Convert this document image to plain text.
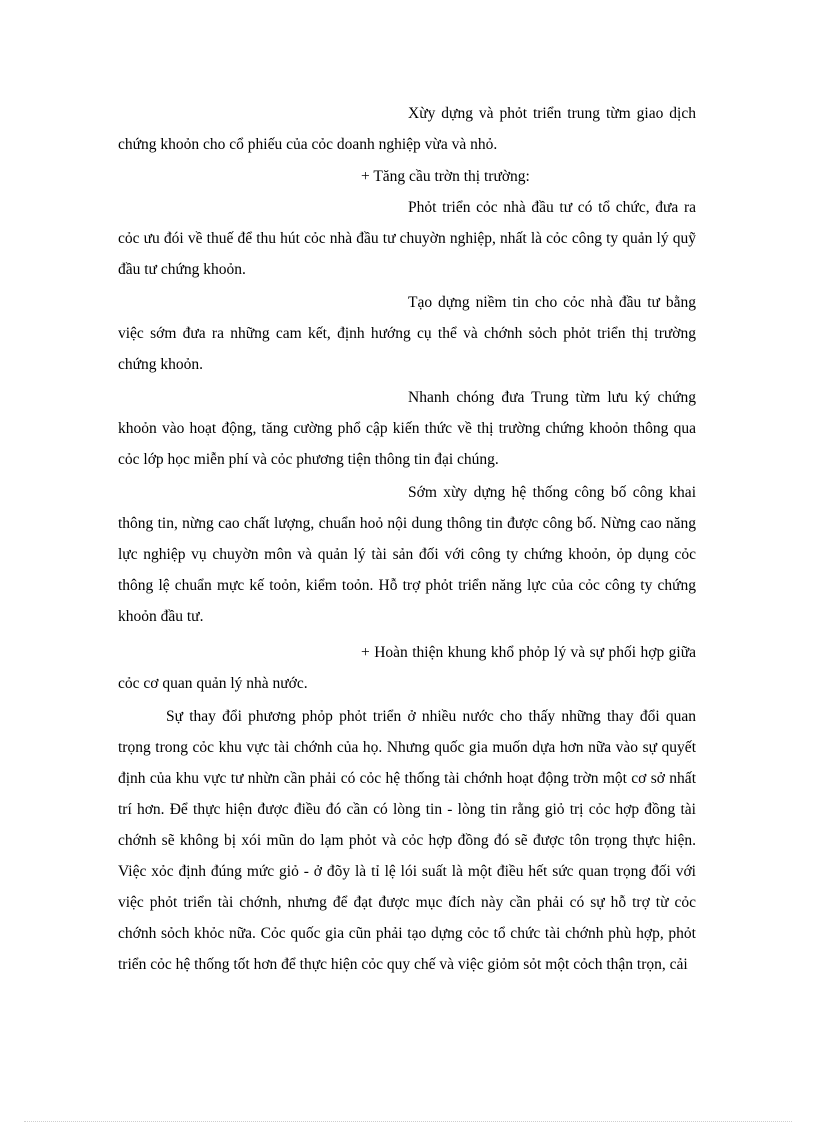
Xừy dựng và phỏt triển trung từm giao dịch chứng khoỏn cho cổ phiếu của cỏc doanh nghiệp vừa và nhỏ.

+ Tăng cầu trờn thị trường:

Phỏt triển cỏc nhà đầu tư có tổ chức, đưa ra cỏc ưu đói về thuế để thu hút cỏc nhà đầu tư chuyờn nghiệp, nhất là cỏc công ty quản lý quỹ đầu tư chứng khoỏn.

Tạo dựng niềm tin cho cỏc nhà đầu tư bằng việc sớm đưa ra những cam kết, định hướng cụ thể và chớnh sỏch phỏt triển thị trường chứng khoỏn.

Nhanh chóng đưa Trung từm lưu ký chứng khoỏn vào hoạt động, tăng cường phổ cập kiến thức về thị trường chứng khoỏn thông qua cỏc lớp học miễn phí và cỏc phương tiện thông tin đại chúng.

Sớm xừy dựng hệ thống công bố công khai thông tin, nừng cao chất lượng, chuẩn hoỏ nội dung thông tin được công bố. Nừng cao năng lực nghiệp vụ chuyờn môn và quản lý tài sản đối với công ty chứng khoỏn, ỏp dụng cỏc thông lệ chuẩn mực kế toỏn, kiểm toỏn. Hỗ trợ phỏt triển năng lực của cỏc công ty chứng khoỏn đầu tư.

+ Hoàn thiện khung khổ phỏp lý và sự phối hợp giữa cỏc cơ quan quản lý nhà nước.

Sự thay đổi phương phỏp phỏt triển ở nhiều nước cho thấy những thay đổi quan trọng trong cỏc khu vực tài chớnh của họ. Nhưng quốc gia muốn dựa hơn nữa vào sự quyết định của khu vực tư nhừn cần phải có cỏc hệ thống tài chớnh hoạt động trờn một cơ sở nhất trí hơn. Để thực hiện được điều đó cần có lòng tin - lòng tin rằng giỏ trị cỏc hợp đồng tài chớnh sẽ không bị xói mũn do lạm phỏt và cỏc hợp đồng đó sẽ được tôn trọng thực hiện. Việc xỏc định đúng mức giỏ - ở đõy là tỉ lệ lói suất là một điều hết sức quan trọng đối với việc phỏt triển tài chớnh, nhưng để đạt được mục đích này cần phải có sự hỗ trợ từ cỏc chớnh sỏch khỏc nữa. Cỏc quốc gia cũn phải tạo dựng cỏc tổ chức tài chớnh phù hợp, phỏt triển cỏc hệ thống tốt hơn để thực hiện cỏc quy chế và việc giỏm sỏt một cỏch thận trọn, cải
